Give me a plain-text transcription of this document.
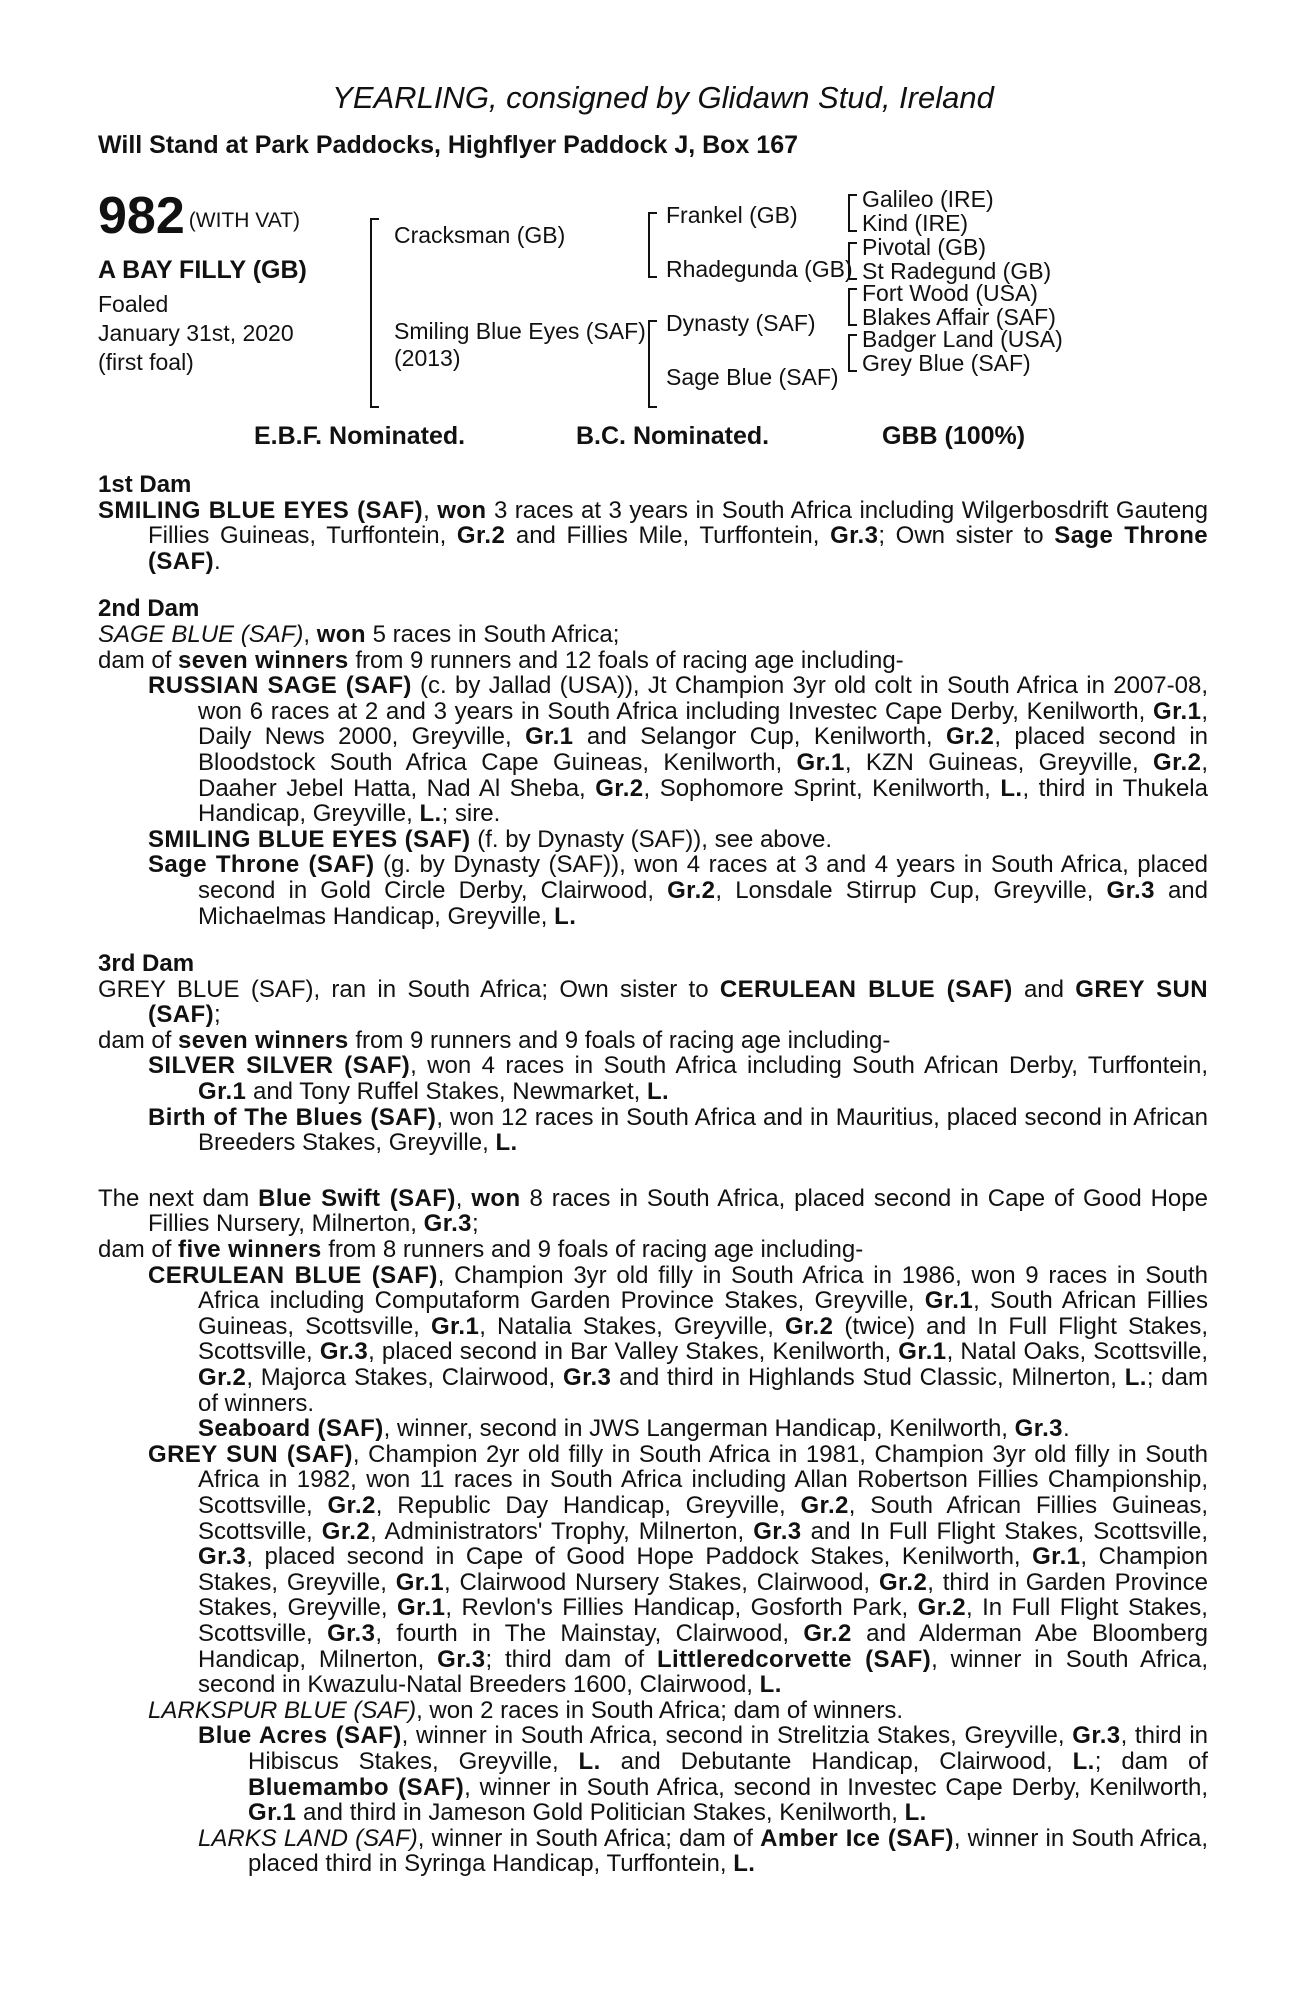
YEARLING, consigned by Glidawn Stud, Ireland
Will Stand at Park Paddocks, Highflyer Paddock J, Box 167
982 (WITH VAT)
A BAY FILLY (GB)
Foaled
January 31st, 2020
(first foal)
Cracksman (GB)
Smiling Blue Eyes (SAF)
(2013)
Frankel (GB)
Rhadegunda (GB)
Dynasty (SAF)
Sage Blue (SAF)
Galileo (IRE)
Kind (IRE)
Pivotal (GB)
St Radegund (GB)
Fort Wood (USA)
Blakes Affair (SAF)
Badger Land (USA)
Grey Blue (SAF)
E.B.F. Nominated.	B.C. Nominated.	GBB (100%)
1st Dam
SMILING BLUE EYES (SAF), won 3 races at 3 years in South Africa including Wilgerbosdrift Gauteng Fillies Guineas, Turffontein, Gr.2 and Fillies Mile, Turffontein, Gr.3; Own sister to Sage Throne (SAF).
2nd Dam
SAGE BLUE (SAF), won 5 races in South Africa;
dam of seven winners from 9 runners and 12 foals of racing age including-
RUSSIAN SAGE (SAF) (c. by Jallad (USA)), Jt Champion 3yr old colt in South Africa in 2007-08, won 6 races at 2 and 3 years in South Africa including Investec Cape Derby, Kenilworth, Gr.1, Daily News 2000, Greyville, Gr.1 and Selangor Cup, Kenilworth, Gr.2, placed second in Bloodstock South Africa Cape Guineas, Kenilworth, Gr.1, KZN Guineas, Greyville, Gr.2, Daaher Jebel Hatta, Nad Al Sheba, Gr.2, Sophomore Sprint, Kenilworth, L., third in Thukela Handicap, Greyville, L.; sire.
SMILING BLUE EYES (SAF) (f. by Dynasty (SAF)), see above.
Sage Throne (SAF) (g. by Dynasty (SAF)), won 4 races at 3 and 4 years in South Africa, placed second in Gold Circle Derby, Clairwood, Gr.2, Lonsdale Stirrup Cup, Greyville, Gr.3 and Michaelmas Handicap, Greyville, L.
3rd Dam
GREY BLUE (SAF), ran in South Africa; Own sister to CERULEAN BLUE (SAF) and GREY SUN (SAF);
dam of seven winners from 9 runners and 9 foals of racing age including-
SILVER SILVER (SAF), won 4 races in South Africa including South African Derby, Turffontein, Gr.1 and Tony Ruffel Stakes, Newmarket, L.
Birth of The Blues (SAF), won 12 races in South Africa and in Mauritius, placed second in African Breeders Stakes, Greyville, L.
The next dam Blue Swift (SAF), won 8 races in South Africa, placed second in Cape of Good Hope Fillies Nursery, Milnerton, Gr.3;
dam of five winners from 8 runners and 9 foals of racing age including-
CERULEAN BLUE (SAF), Champion 3yr old filly in South Africa in 1986, won 9 races in South Africa including Computaform Garden Province Stakes, Greyville, Gr.1, South African Fillies Guineas, Scottsville, Gr.1, Natalia Stakes, Greyville, Gr.2 (twice) and In Full Flight Stakes, Scottsville, Gr.3, placed second in Bar Valley Stakes, Kenilworth, Gr.1, Natal Oaks, Scottsville, Gr.2, Majorca Stakes, Clairwood, Gr.3 and third in Highlands Stud Classic, Milnerton, L.; dam of winners.
Seaboard (SAF), winner, second in JWS Langerman Handicap, Kenilworth, Gr.3.
GREY SUN (SAF), Champion 2yr old filly in South Africa in 1981, Champion 3yr old filly in South Africa in 1982, won 11 races in South Africa including Allan Robertson Fillies Championship, Scottsville, Gr.2, Republic Day Handicap, Greyville, Gr.2, South African Fillies Guineas, Scottsville, Gr.2, Administrators' Trophy, Milnerton, Gr.3 and In Full Flight Stakes, Scottsville, Gr.3, placed second in Cape of Good Hope Paddock Stakes, Kenilworth, Gr.1, Champion Stakes, Greyville, Gr.1, Clairwood Nursery Stakes, Clairwood, Gr.2, third in Garden Province Stakes, Greyville, Gr.1, Revlon's Fillies Handicap, Gosforth Park, Gr.2, In Full Flight Stakes, Scottsville, Gr.3, fourth in The Mainstay, Clairwood, Gr.2 and Alderman Abe Bloomberg Handicap, Milnerton, Gr.3; third dam of Littleredcorvette (SAF), winner in South Africa, second in Kwazulu-Natal Breeders 1600, Clairwood, L.
LARKSPUR BLUE (SAF), won 2 races in South Africa; dam of winners.
Blue Acres (SAF), winner in South Africa, second in Strelitzia Stakes, Greyville, Gr.3, third in Hibiscus Stakes, Greyville, L. and Debutante Handicap, Clairwood, L.; dam of Bluemambo (SAF), winner in South Africa, second in Investec Cape Derby, Kenilworth, Gr.1 and third in Jameson Gold Politician Stakes, Kenilworth, L.
LARKS LAND (SAF), winner in South Africa; dam of Amber Ice (SAF), winner in South Africa, placed third in Syringa Handicap, Turffontein, L.
